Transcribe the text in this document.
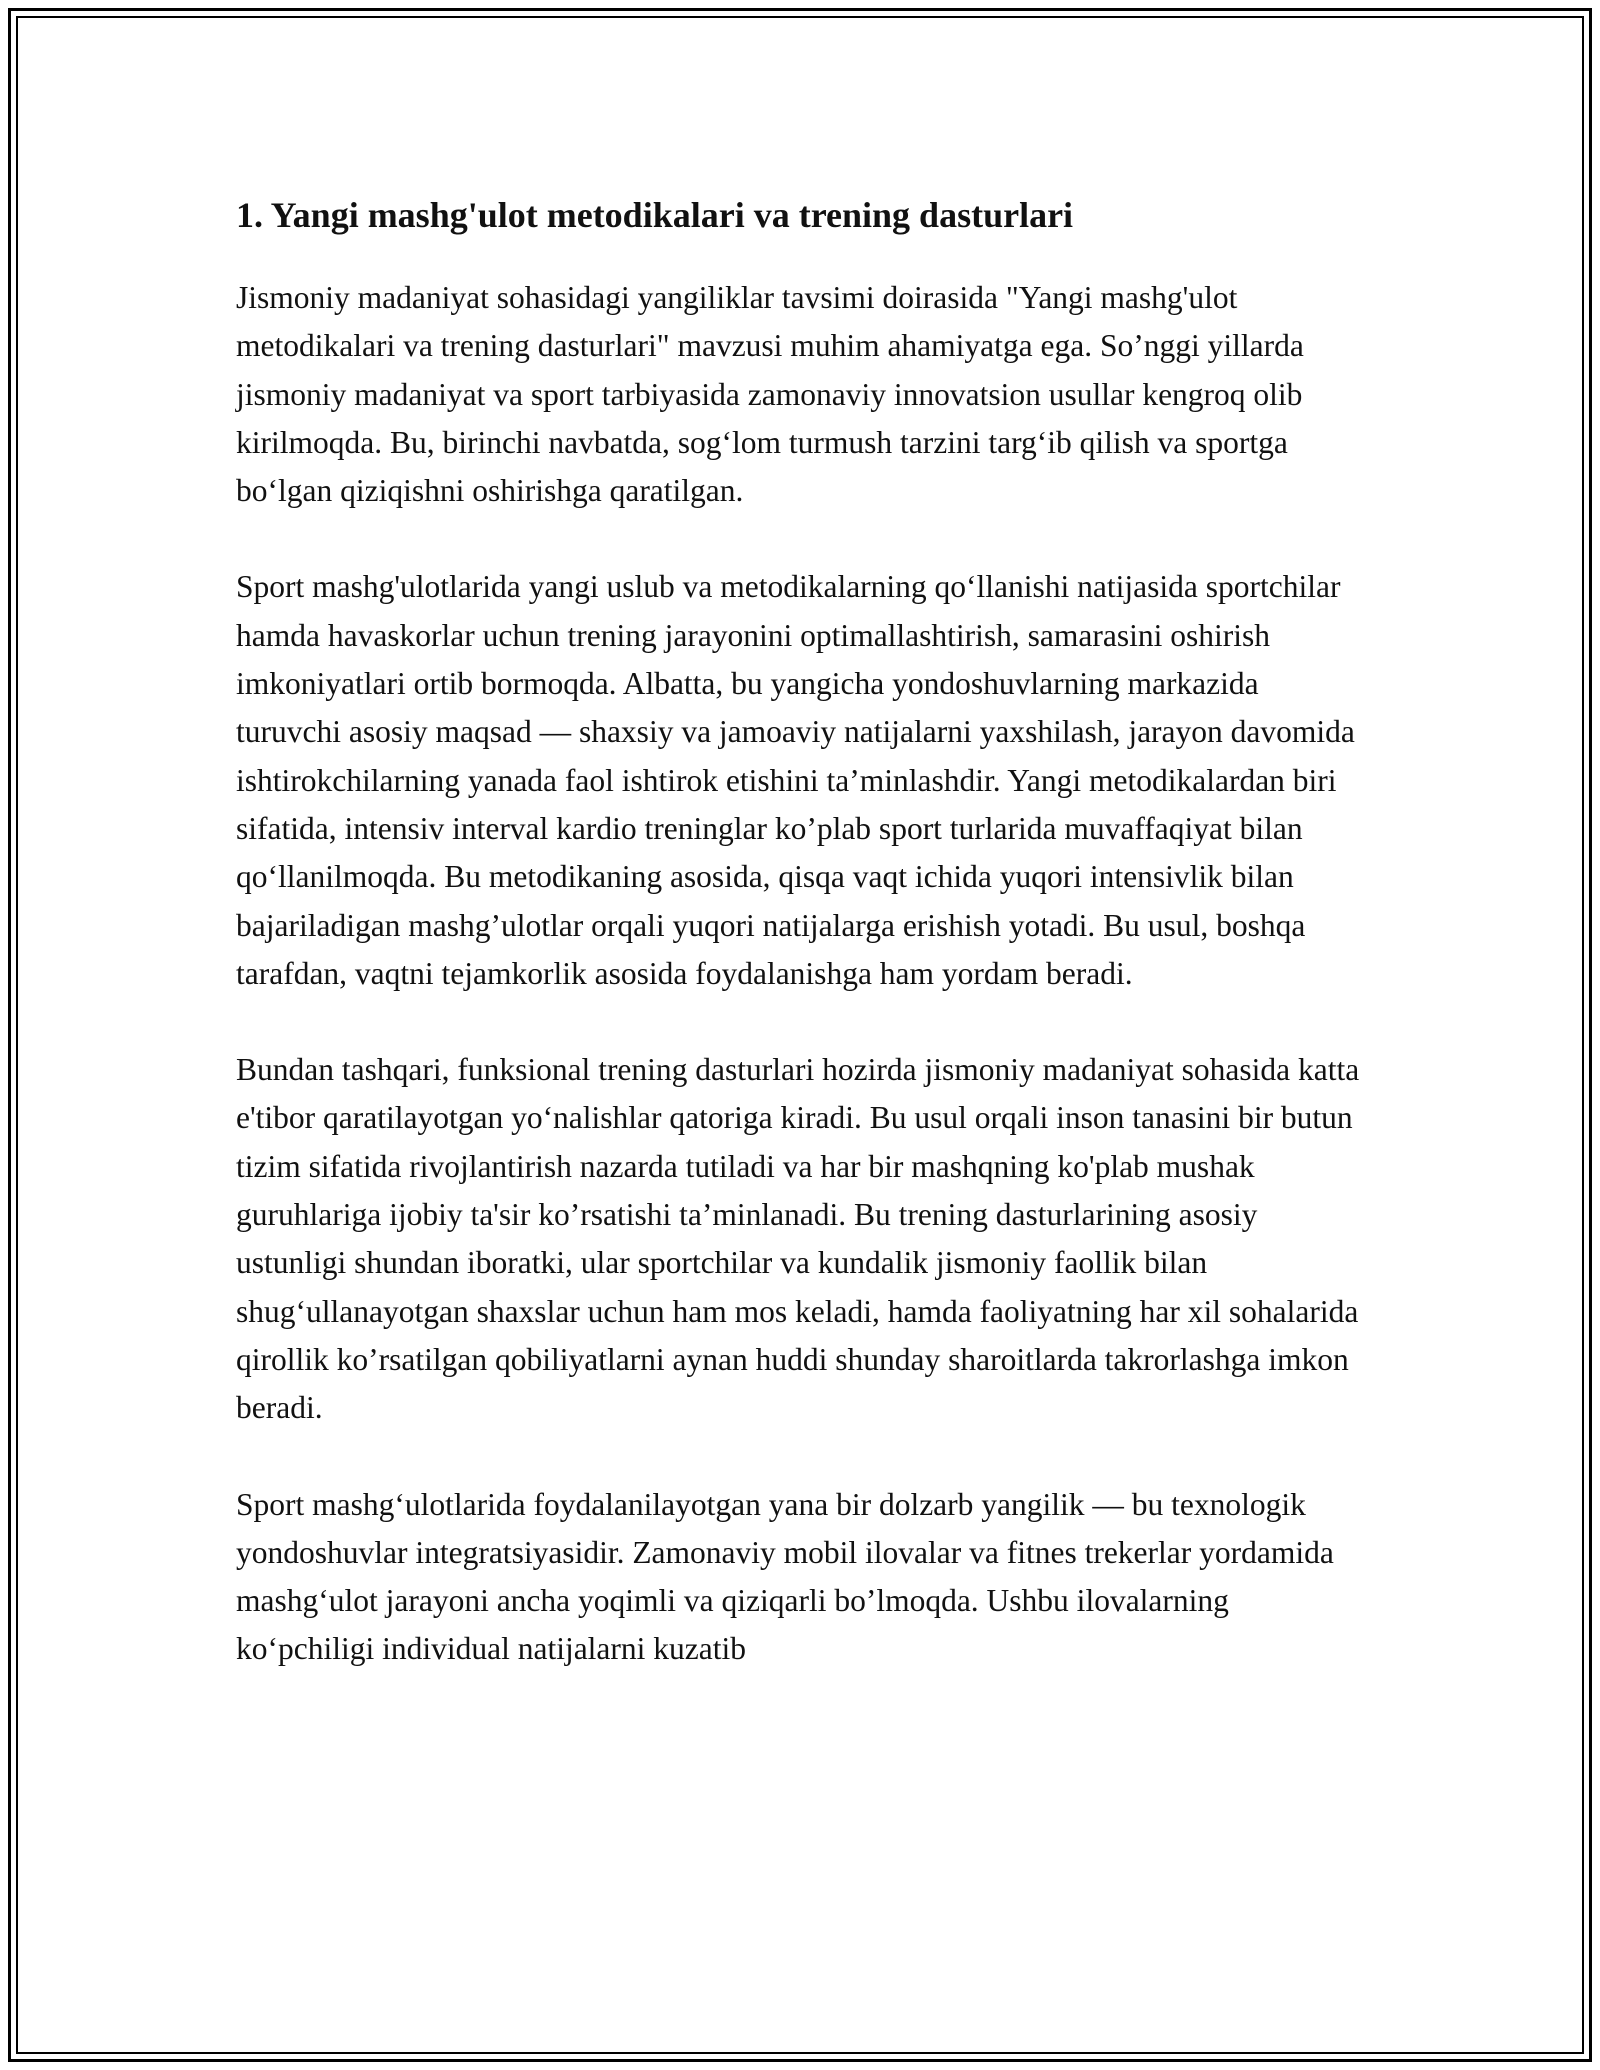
1. Yangi mashg'ulot metodikalari va trening dasturlari

Jismoniy madaniyat sohasidagi yangiliklar tavsimi doirasida "Yangi mashg'ulot metodikalari va trening dasturlari" mavzusi muhim ahamiyatga ega. So’nggi yillarda jismoniy madaniyat va sport tarbiyasida zamonaviy innovatsion usullar kengroq olib kirilmoqda. Bu, birinchi navbatda, sog‘lom turmush tarzini targ‘ib qilish va sportga bo‘lgan qiziqishni oshirishga qaratilgan.

Sport mashg'ulotlarida yangi uslub va metodikalarning qo‘llanishi natijasida sportchilar hamda havaskorlar uchun trening jarayonini optimallashtirish, samarasini oshirish imkoniyatlari ortib bormoqda. Albatta, bu yangicha yondoshuvlarning markazida turuvchi asosiy maqsad — shaxsiy va jamoaviy natijalarni yaxshilash, jarayon davomida ishtirokchilarning yanada faol ishtirok etishini ta’minlashdir. Yangi metodikalardan biri sifatida, intensiv interval kardio treninglar ko’plab sport turlarida muvaffaqiyat bilan qo‘llanilmoqda. Bu metodikaning asosida, qisqa vaqt ichida yuqori intensivlik bilan bajariladigan mashg’ulotlar orqali yuqori natijalarga erishish yotadi. Bu usul, boshqa tarafdan, vaqtni tejamkorlik asosida foydalanishga ham yordam beradi.

Bundan tashqari, funksional trening dasturlari hozirda jismoniy madaniyat sohasida katta e'tibor qaratilayotgan yo‘nalishlar qatoriga kiradi. Bu usul orqali inson tanasini bir butun tizim sifatida rivojlantirish nazarda tutiladi va har bir mashqning ko'plab mushak guruhlariga ijobiy ta'sir ko’rsatishi ta’minlanadi. Bu trening dasturlarining asosiy ustunligi shundan iboratki, ular sportchilar va kundalik jismoniy faollik bilan shug‘ullanayotgan shaxslar uchun ham mos keladi, hamda faoliyatning har xil sohalarida qirollik ko’rsatilgan qobiliyatlarni aynan huddi shunday sharoitlarda takrorlashga imkon beradi.

Sport mashg‘ulotlarida foydalanilayotgan yana bir dolzarb yangilik — bu texnologik yondoshuvlar integratsiyasidir. Zamonaviy mobil ilovalar va fitnes trekerlar yordamida mashg‘ulot jarayoni ancha yoqimli va qiziqarli bo’lmoqda. Ushbu ilovalarning ko‘pchiligi individual natijalarni kuzatib
